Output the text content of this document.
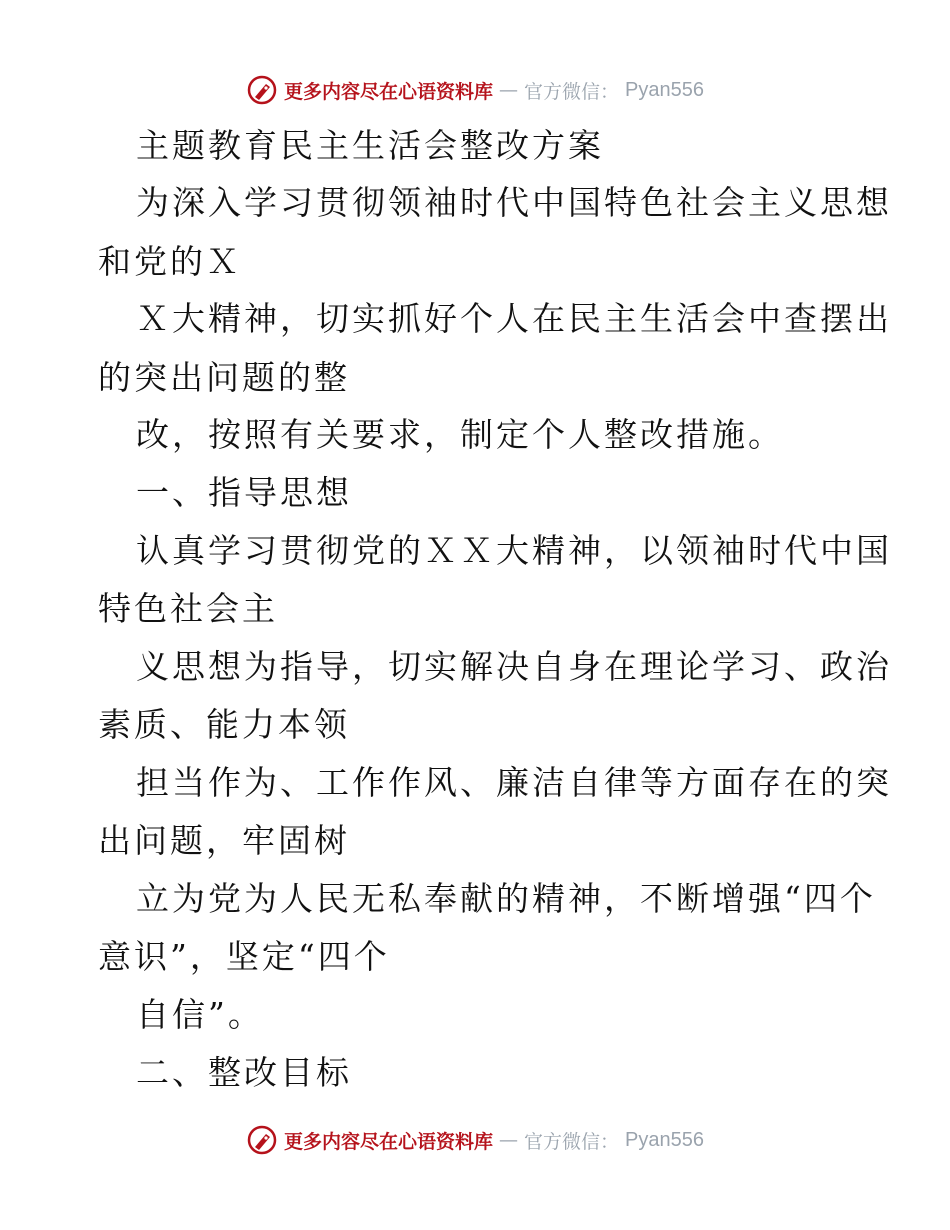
更多内容尽在心语资料库 — 官方微信： Pyan556
主题教育民主生活会整改方案
为深入学习贯彻领袖时代中国特色社会主义思想
和党的Ｘ
Ｘ大精神，切实抓好个人在民主生活会中查摆出
的突出问题的整
改，按照有关要求，制定个人整改措施。
一、指导思想
认真学习贯彻党的ＸＸ大精神，以领袖时代中国
特色社会主
义思想为指导，切实解决自身在理论学习、政治
素质、能力本领
担当作为、工作作风、廉洁自律等方面存在的突
出问题，牢固树
立为党为人民无私奉献的精神，不断增强“四个
意识”，坚定“四个
自信”。
二、整改目标
更多内容尽在心语资料库 — 官方微信： Pyan556
